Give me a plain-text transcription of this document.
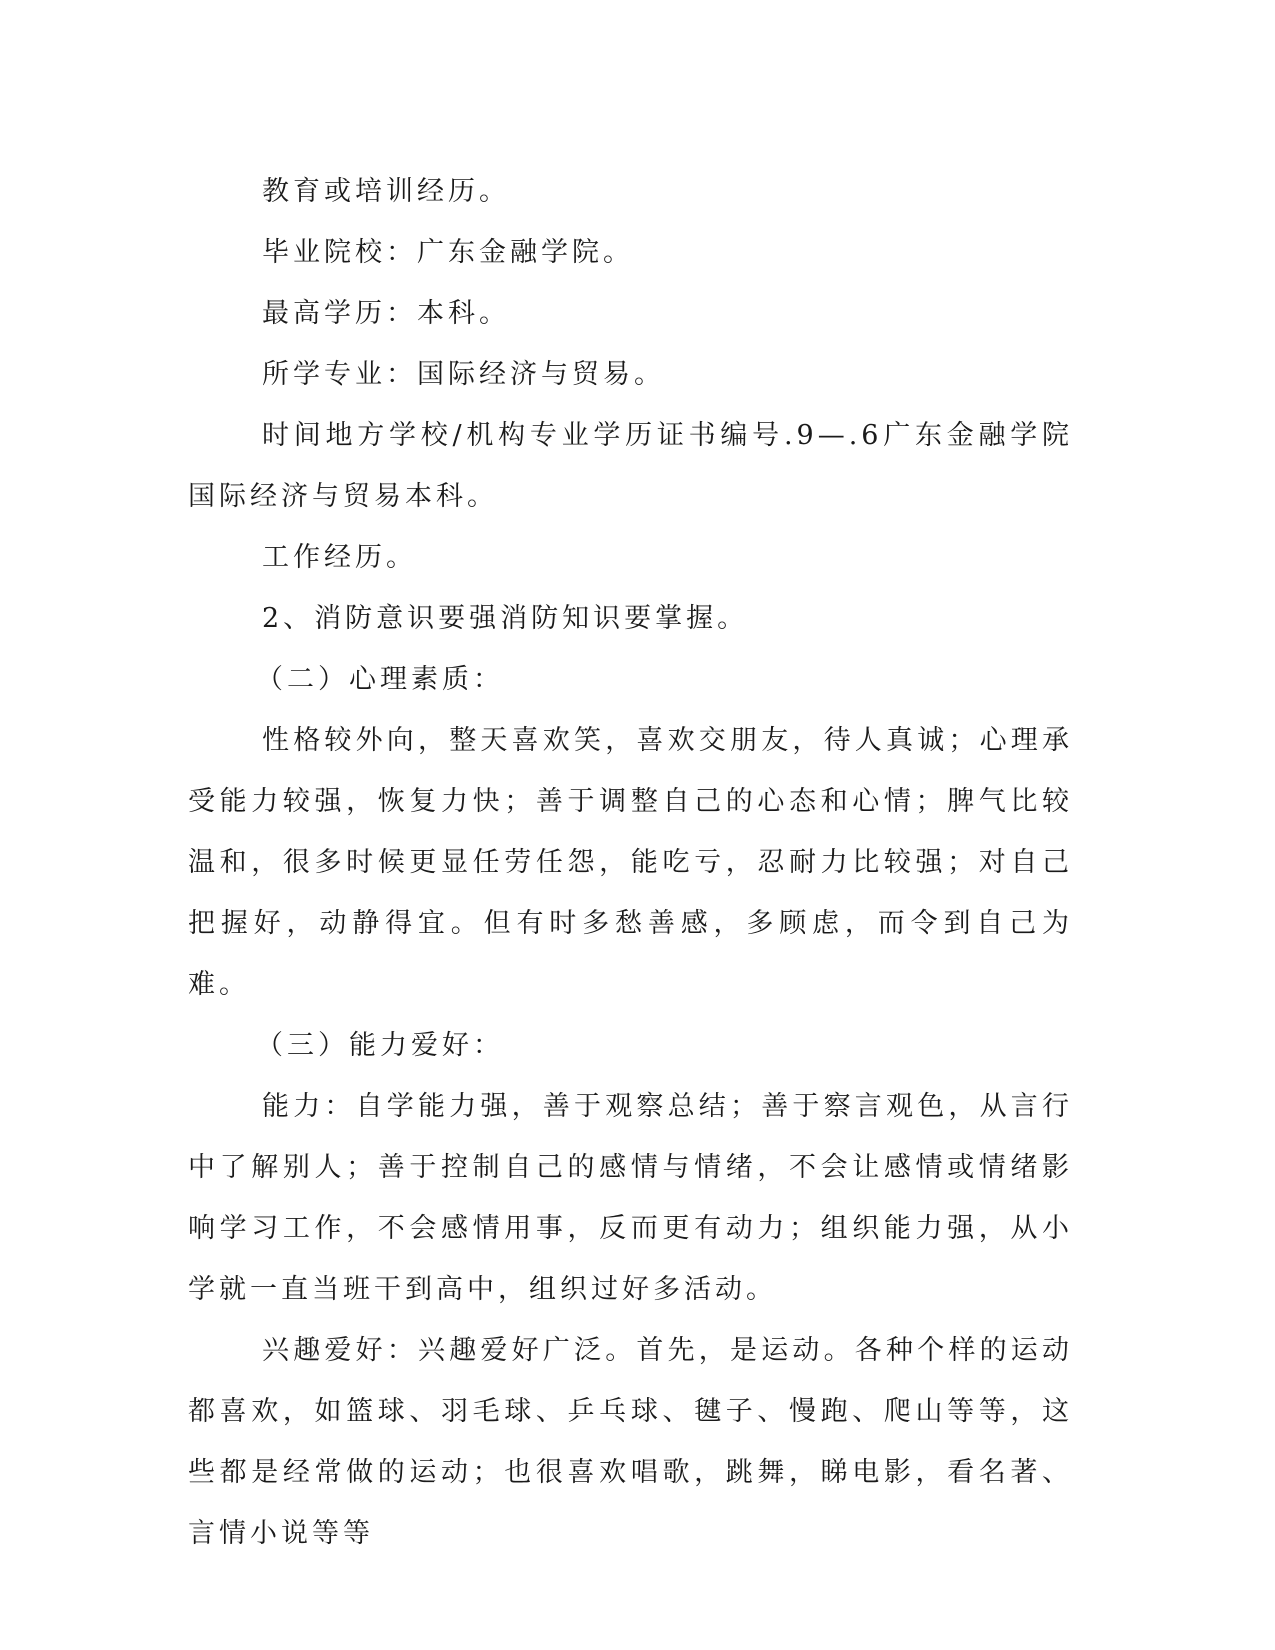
教育或培训经历。

毕业院校：广东金融学院。

最高学历：本科。

所学专业：国际经济与贸易。

时间地方学校/机构专业学历证书编号.9—.6广东金融学院国际经济与贸易本科。

工作经历。

2、消防意识要强消防知识要掌握。

（二）心理素质：

性格较外向，整天喜欢笑，喜欢交朋友，待人真诚；心理承受能力较强，恢复力快；善于调整自己的心态和心情；脾气比较温和，很多时候更显任劳任怨，能吃亏，忍耐力比较强；对自己把握好，动静得宜。但有时多愁善感，多顾虑，而令到自己为难。

（三）能力爱好：

能力：自学能力强，善于观察总结；善于察言观色，从言行中了解别人；善于控制自己的感情与情绪，不会让感情或情绪影响学习工作，不会感情用事，反而更有动力；组织能力强，从小学就一直当班干到高中，组织过好多活动。

兴趣爱好：兴趣爱好广泛。首先，是运动。各种个样的运动都喜欢，如篮球、羽毛球、乒乓球、毽子、慢跑、爬山等等，这些都是经常做的运动；也很喜欢唱歌，跳舞，睇电影，看名著、言情小说等等
